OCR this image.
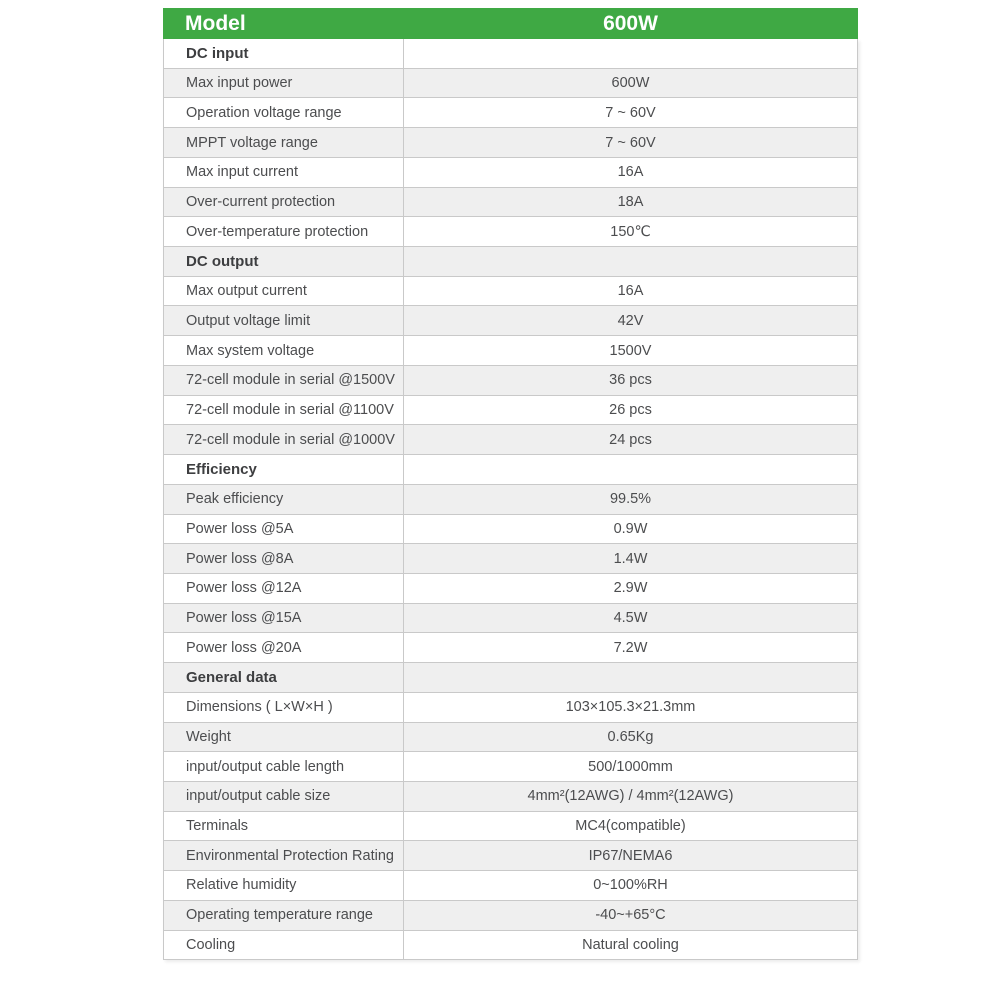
Model	600W
DC input
Max input power	600W
Operation voltage range	7 ~ 60V
MPPT voltage range	7 ~ 60V
Max input current	16A
Over-current protection	18A
Over-temperature protection	150℃
DC output
Max output current	16A
Output voltage limit	42V
Max system voltage	1500V
72-cell module in serial @1500V	36 pcs
72-cell module in serial @1100V	26 pcs
72-cell module in serial @1000V	24 pcs
Efficiency
Peak efficiency	99.5%
Power loss @5A	0.9W
Power loss @8A	1.4W
Power loss @12A	2.9W
Power loss @15A	4.5W
Power loss @20A	7.2W
General data
Dimensions ( L×W×H )	103×105.3×21.3mm
Weight	0.65Kg
input/output cable length	500/1000mm
input/output cable size	4mm²(12AWG) / 4mm²(12AWG)
Terminals	MC4(compatible)
Environmental Protection Rating	IP67/NEMA6
Relative humidity	0~100%RH
Operating temperature range	-40~+65°C
Cooling	Natural cooling
